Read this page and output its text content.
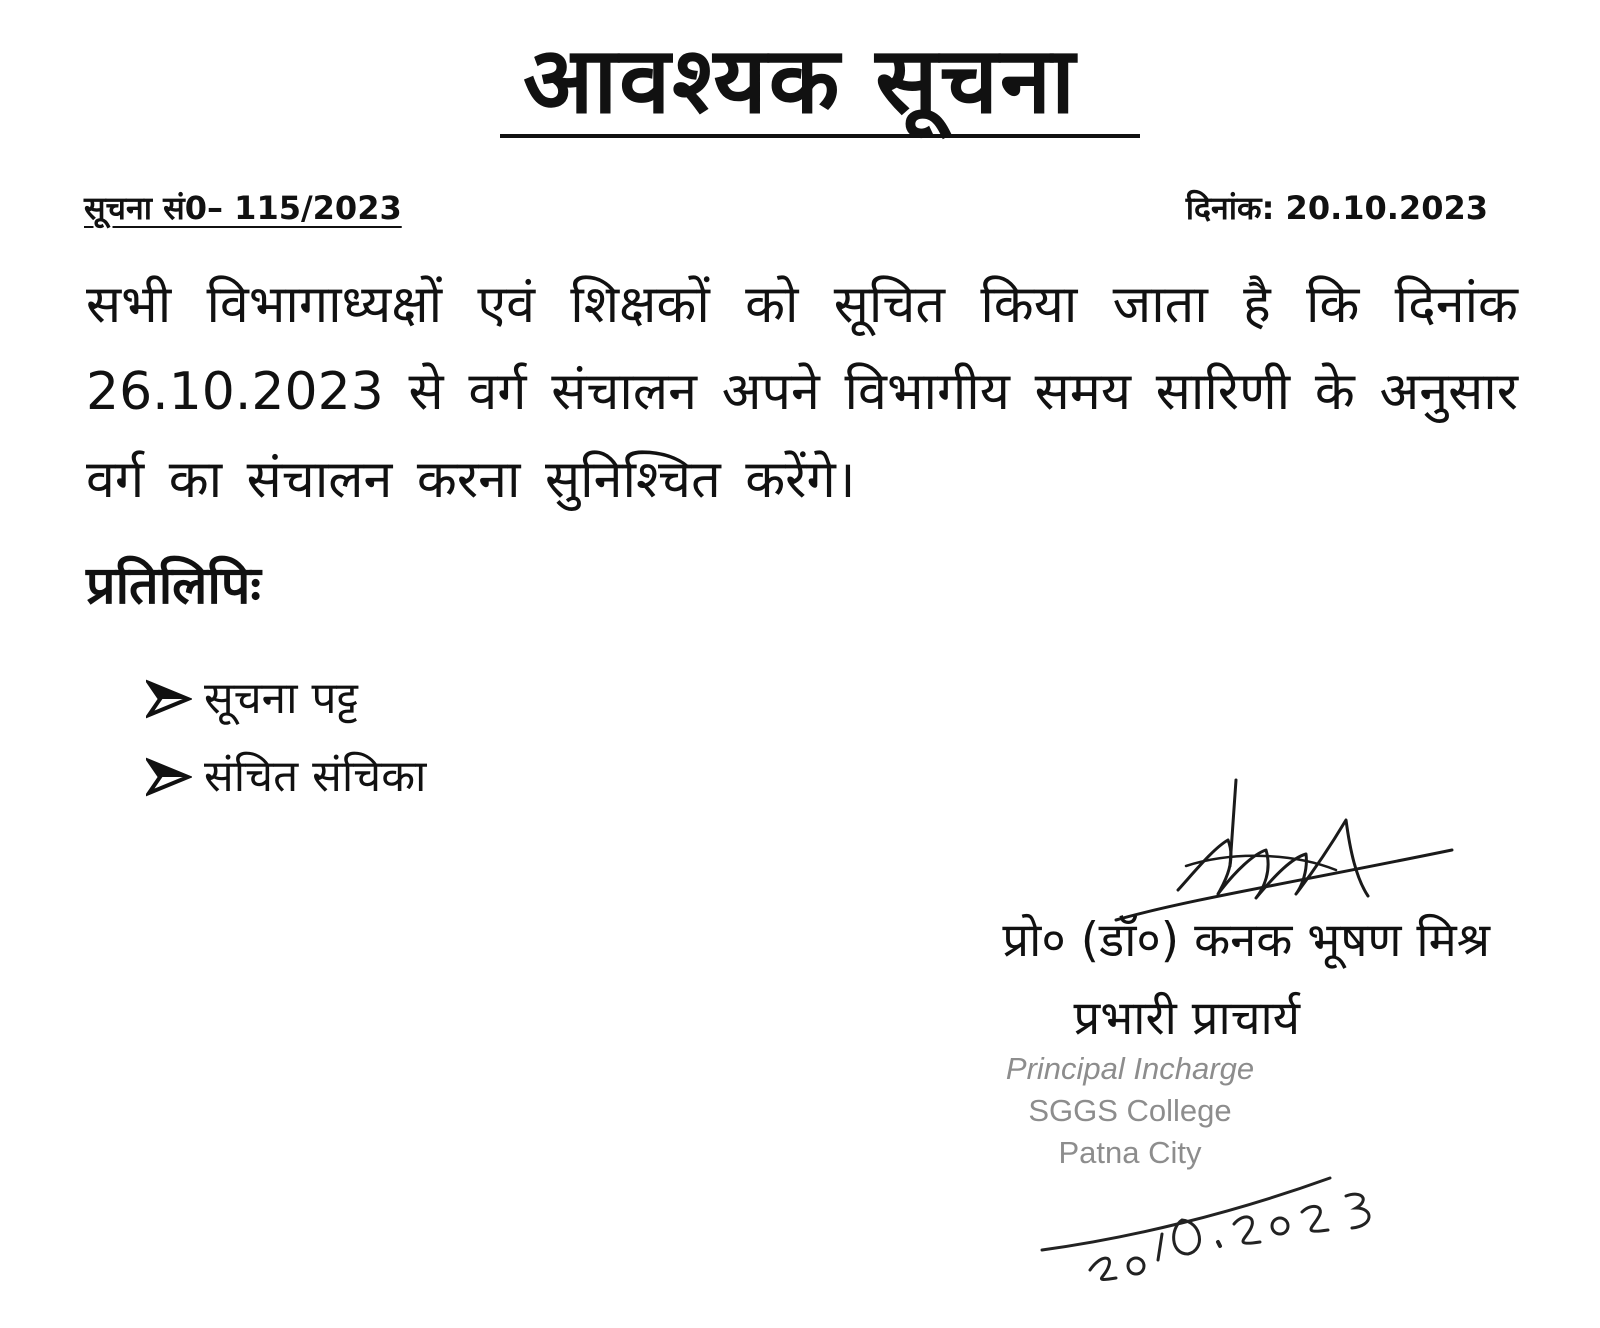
आवश्यक सूचना
सूचना सं0– 115/2023	दिनांक: 20.10.2023

सभी विभागाध्यक्षों एवं शिक्षकों को सूचित किया जाता है कि दिनांक 26.10.2023 से वर्ग संचालन अपने विभागीय समय सारिणी के अनुसार वर्ग का संचालन करना सुनिश्चित करेंगे।

प्रतिलिपिः
सूचना पट्ट
संचित संचिका
प्रो० (डॉ०) कनक भूषण मिश्र
प्रभारी प्राचार्य
Principal Incharge
SGGS College
Patna City
